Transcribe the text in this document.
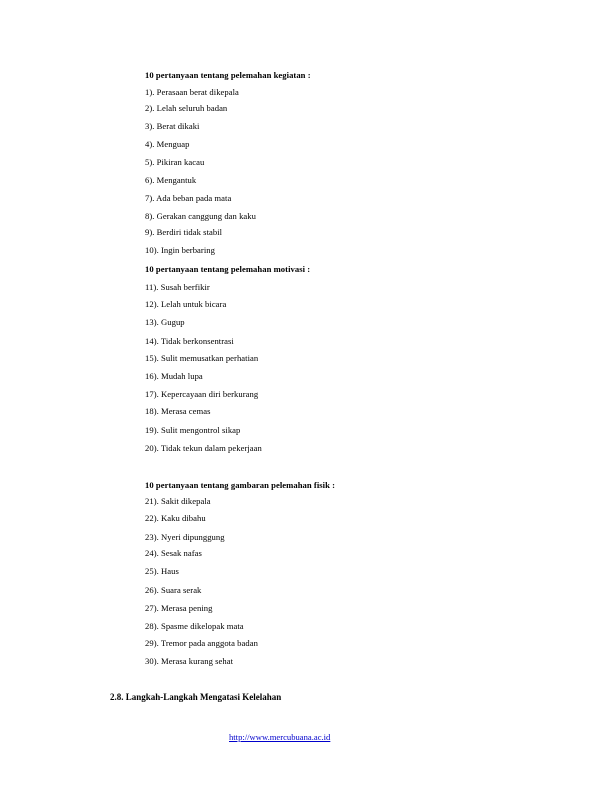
10 pertanyaan tentang pelemahan kegiatan :
1). Perasaan berat dikepala
2). Lelah seluruh badan
3). Berat dikaki
4). Menguap
5). Pikiran kacau
6). Mengantuk
7). Ada beban pada mata
8). Gerakan canggung dan kaku
9). Berdiri tidak stabil
10). Ingin berbaring
10 pertanyaan tentang pelemahan motivasi :
11). Susah berfikir
12). Lelah untuk bicara
13). Gugup
14). Tidak berkonsentrasi
15). Sulit memusatkan perhatian
16). Mudah lupa
17). Kepercayaan diri berkurang
18). Merasa cemas
19). Sulit mengontrol sikap
20). Tidak tekun dalam pekerjaan
10 pertanyaan tentang gambaran pelemahan fisik :
21). Sakit dikepala
22). Kaku dibahu
23). Nyeri dipunggung
24). Sesak nafas
25). Haus
26). Suara serak
27). Merasa pening
28). Spasme dikelopak mata
29). Tremor pada anggota badan
30). Merasa kurang sehat
2.8. Langkah-Langkah Mengatasi Kelelahan
http://www.mercubuana.ac.id
